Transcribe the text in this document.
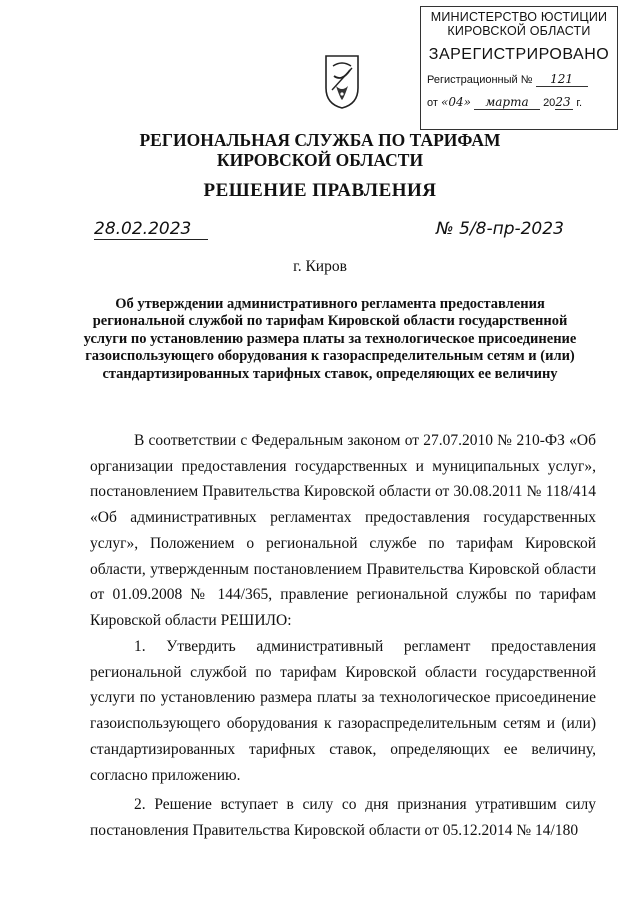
МИНИСТЕРСТВО ЮСТИЦИИ
КИРОВСКОЙ ОБЛАСТИ
ЗАРЕГИСТРИРОВАНО
Регистрационный № 121
от «04» марта 2023 г.
РЕГИОНАЛЬНАЯ СЛУЖБА ПО ТАРИФАМ
КИРОВСКОЙ ОБЛАСТИ
РЕШЕНИЕ ПРАВЛЕНИЯ
28.02.2023	№ 5/8-пр-2023
г. Киров
Об утверждении административного регламента предоставления региональной службой по тарифам Кировской области государственной услуги по установлению размера платы за технологическое присоединение газоиспользующего оборудования к газораспределительным сетям и (или) стандартизированных тарифных ставок, определяющих ее величину
В соответствии с Федеральным законом от 27.07.2010 № 210-ФЗ «Об организации предоставления государственных и муниципальных услуг», постановлением Правительства Кировской области от 30.08.2011 № 118/414 «Об административных регламентах предоставления государственных услуг», Положением о региональной службе по тарифам Кировской области, утвержденным постановлением Правительства Кировской области от 01.09.2008 № 144/365, правление региональной службы по тарифам Кировской области РЕШИЛО:
1. Утвердить административный регламент предоставления региональной службой по тарифам Кировской области государственной услуги по установлению размера платы за технологическое присоединение газоиспользующего оборудования к газораспределительным сетям и (или) стандартизированных тарифных ставок, определяющих ее величину, согласно приложению.
2. Решение вступает в силу со дня признания утратившим силу постановления Правительства Кировской области от 05.12.2014 № 14/180
